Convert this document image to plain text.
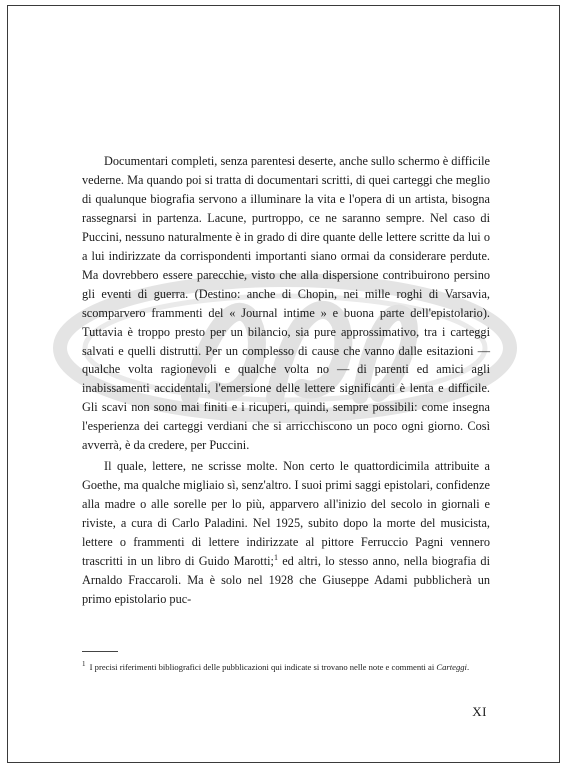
Documentari completi, senza parentesi deserte, anche sullo schermo è difficile vederne. Ma quando poi si tratta di documentari scritti, di quei carteggi che meglio di qualunque biografia servono a illuminare la vita e l'opera di un artista, bisogna rassegnarsi in partenza. Lacune, purtroppo, ce ne saranno sempre. Nel caso di Puccini, nessuno naturalmente è in grado di dire quante delle lettere scritte da lui o a lui indirizzate da corrispondenti importanti siano ormai da considerare perdute. Ma dovrebbero essere parecchie, visto che alla dispersione contribuirono persino gli eventi di guerra. (Destino: anche di Chopin, nei mille roghi di Varsavia, scomparvero frammenti del « Journal intime » e buona parte dell'epistolario). Tuttavia è troppo presto per un bilancio, sia pure approssimativo, tra i carteggi salvati e quelli distrutti. Per un complesso di cause che vanno dalle esitazioni — qualche volta ragionevoli e qualche volta no — di parenti ed amici agli inabissamenti accidentali, l'emersione delle lettere significanti è lenta e difficile. Gli scavi non sono mai finiti e i ricuperi, quindi, sempre possibili: come insegna l'esperienza dei carteggi verdiani che si arricchiscono un poco ogni giorno. Così avverrà, è da credere, per Puccini.

Il quale, lettere, ne scrisse molte. Non certo le quattordicimila attribuite a Goethe, ma qualche migliaio sì, senz'altro. I suoi primi saggi epistolari, confidenze alla madre o alle sorelle per lo più, apparvero all'inizio del secolo in giornali e riviste, a cura di Carlo Paladini. Nel 1925, subito dopo la morte del musicista, lettere o frammenti di lettere indirizzate al pittore Ferruccio Pagni vennero trascritti in un libro di Guido Marotti;$^1$ ed altri, lo stesso anno, nella biografia di Arnaldo Fraccaroli. Ma è solo nel 1928 che Giuseppe Adami pubblicherà un primo epistolario puc-

$^1$ I precisi riferimenti bibliografici delle pubblicazioni qui indicate si trovano nelle note e commenti ai Carteggi.
XI
